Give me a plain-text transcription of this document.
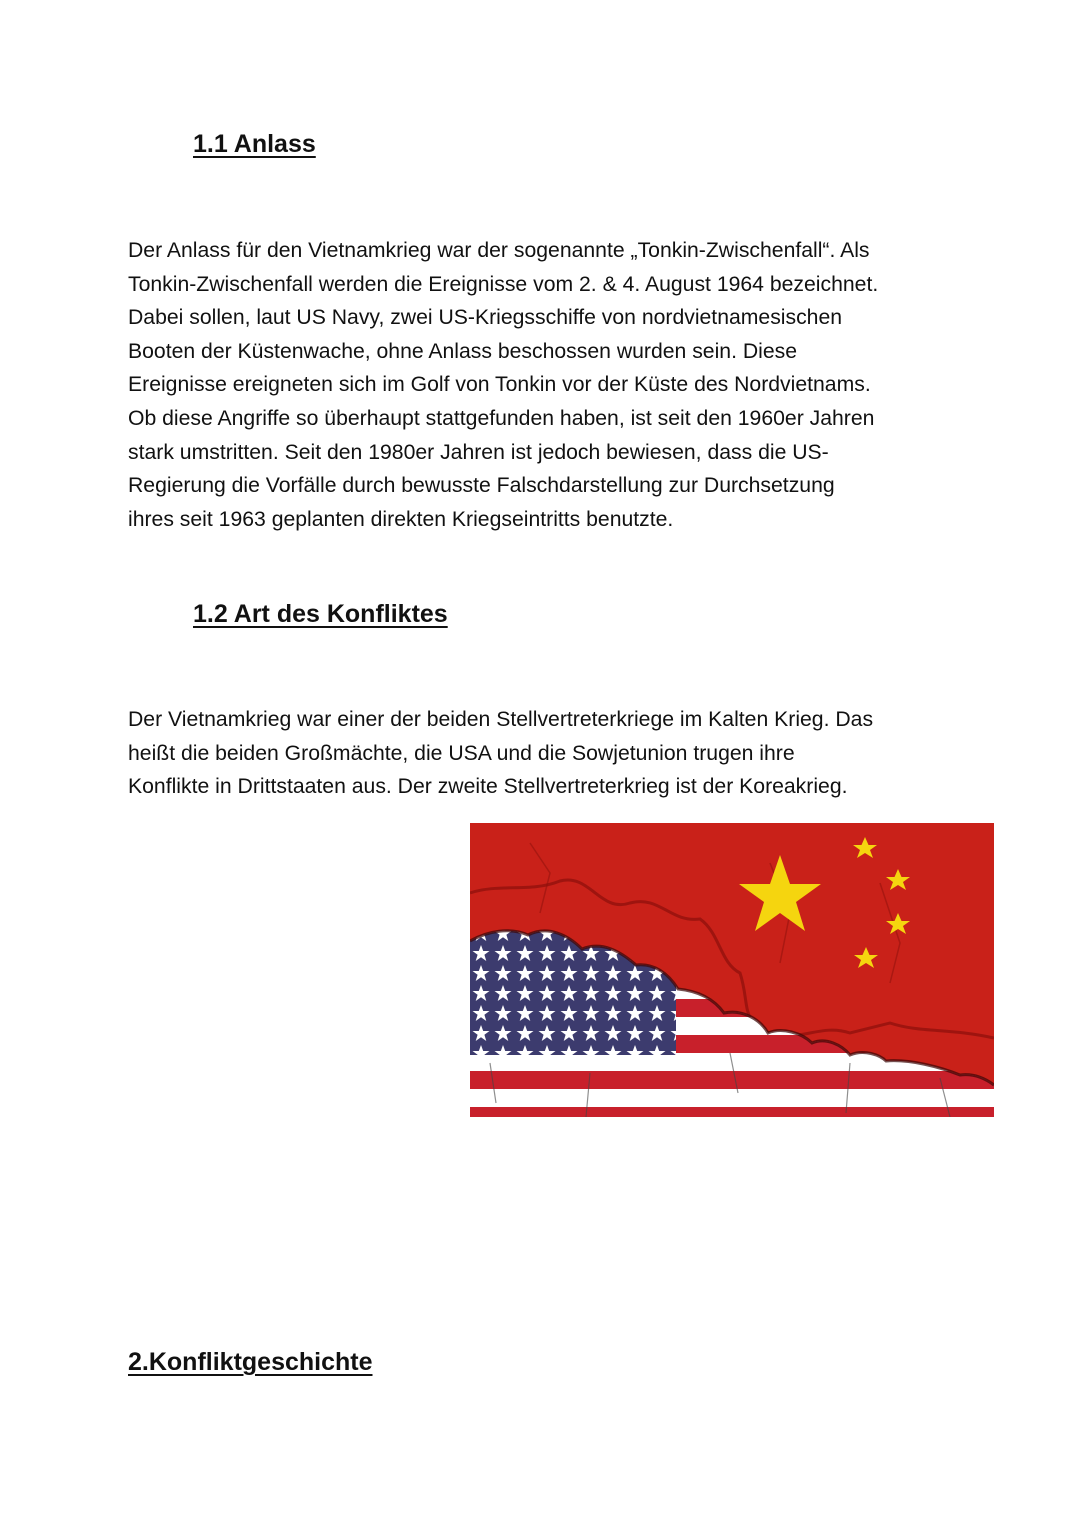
1.1 Anlass
Der Anlass für den Vietnamkrieg war der sogenannte „Tonkin-Zwischenfall“. Als
Tonkin-Zwischenfall werden die Ereignisse vom 2. & 4. August 1964 bezeichnet.
Dabei sollen, laut US Navy, zwei US-Kriegsschiffe von nordvietnamesischen
Booten der Küstenwache, ohne Anlass beschossen wurden sein. Diese
Ereignisse ereigneten sich im Golf von Tonkin vor der Küste des Nordvietnams.
Ob diese Angriffe so überhaupt stattgefunden haben, ist seit den 1960er Jahren
stark umstritten. Seit den 1980er Jahren ist jedoch bewiesen, dass die US-
Regierung die Vorfälle durch bewusste Falschdarstellung zur Durchsetzung
ihres seit 1963 geplanten direkten Kriegseintritts benutzte.
1.2 Art des Konfliktes
Der Vietnamkrieg war einer der beiden Stellvertreterkriege im Kalten Krieg. Das
heißt die beiden Großmächte, die USA und die Sowjetunion trugen ihre
Konflikte in Drittstaaten aus. Der zweite Stellvertreterkrieg ist der Koreakrieg.
2.Konfliktgeschichte
